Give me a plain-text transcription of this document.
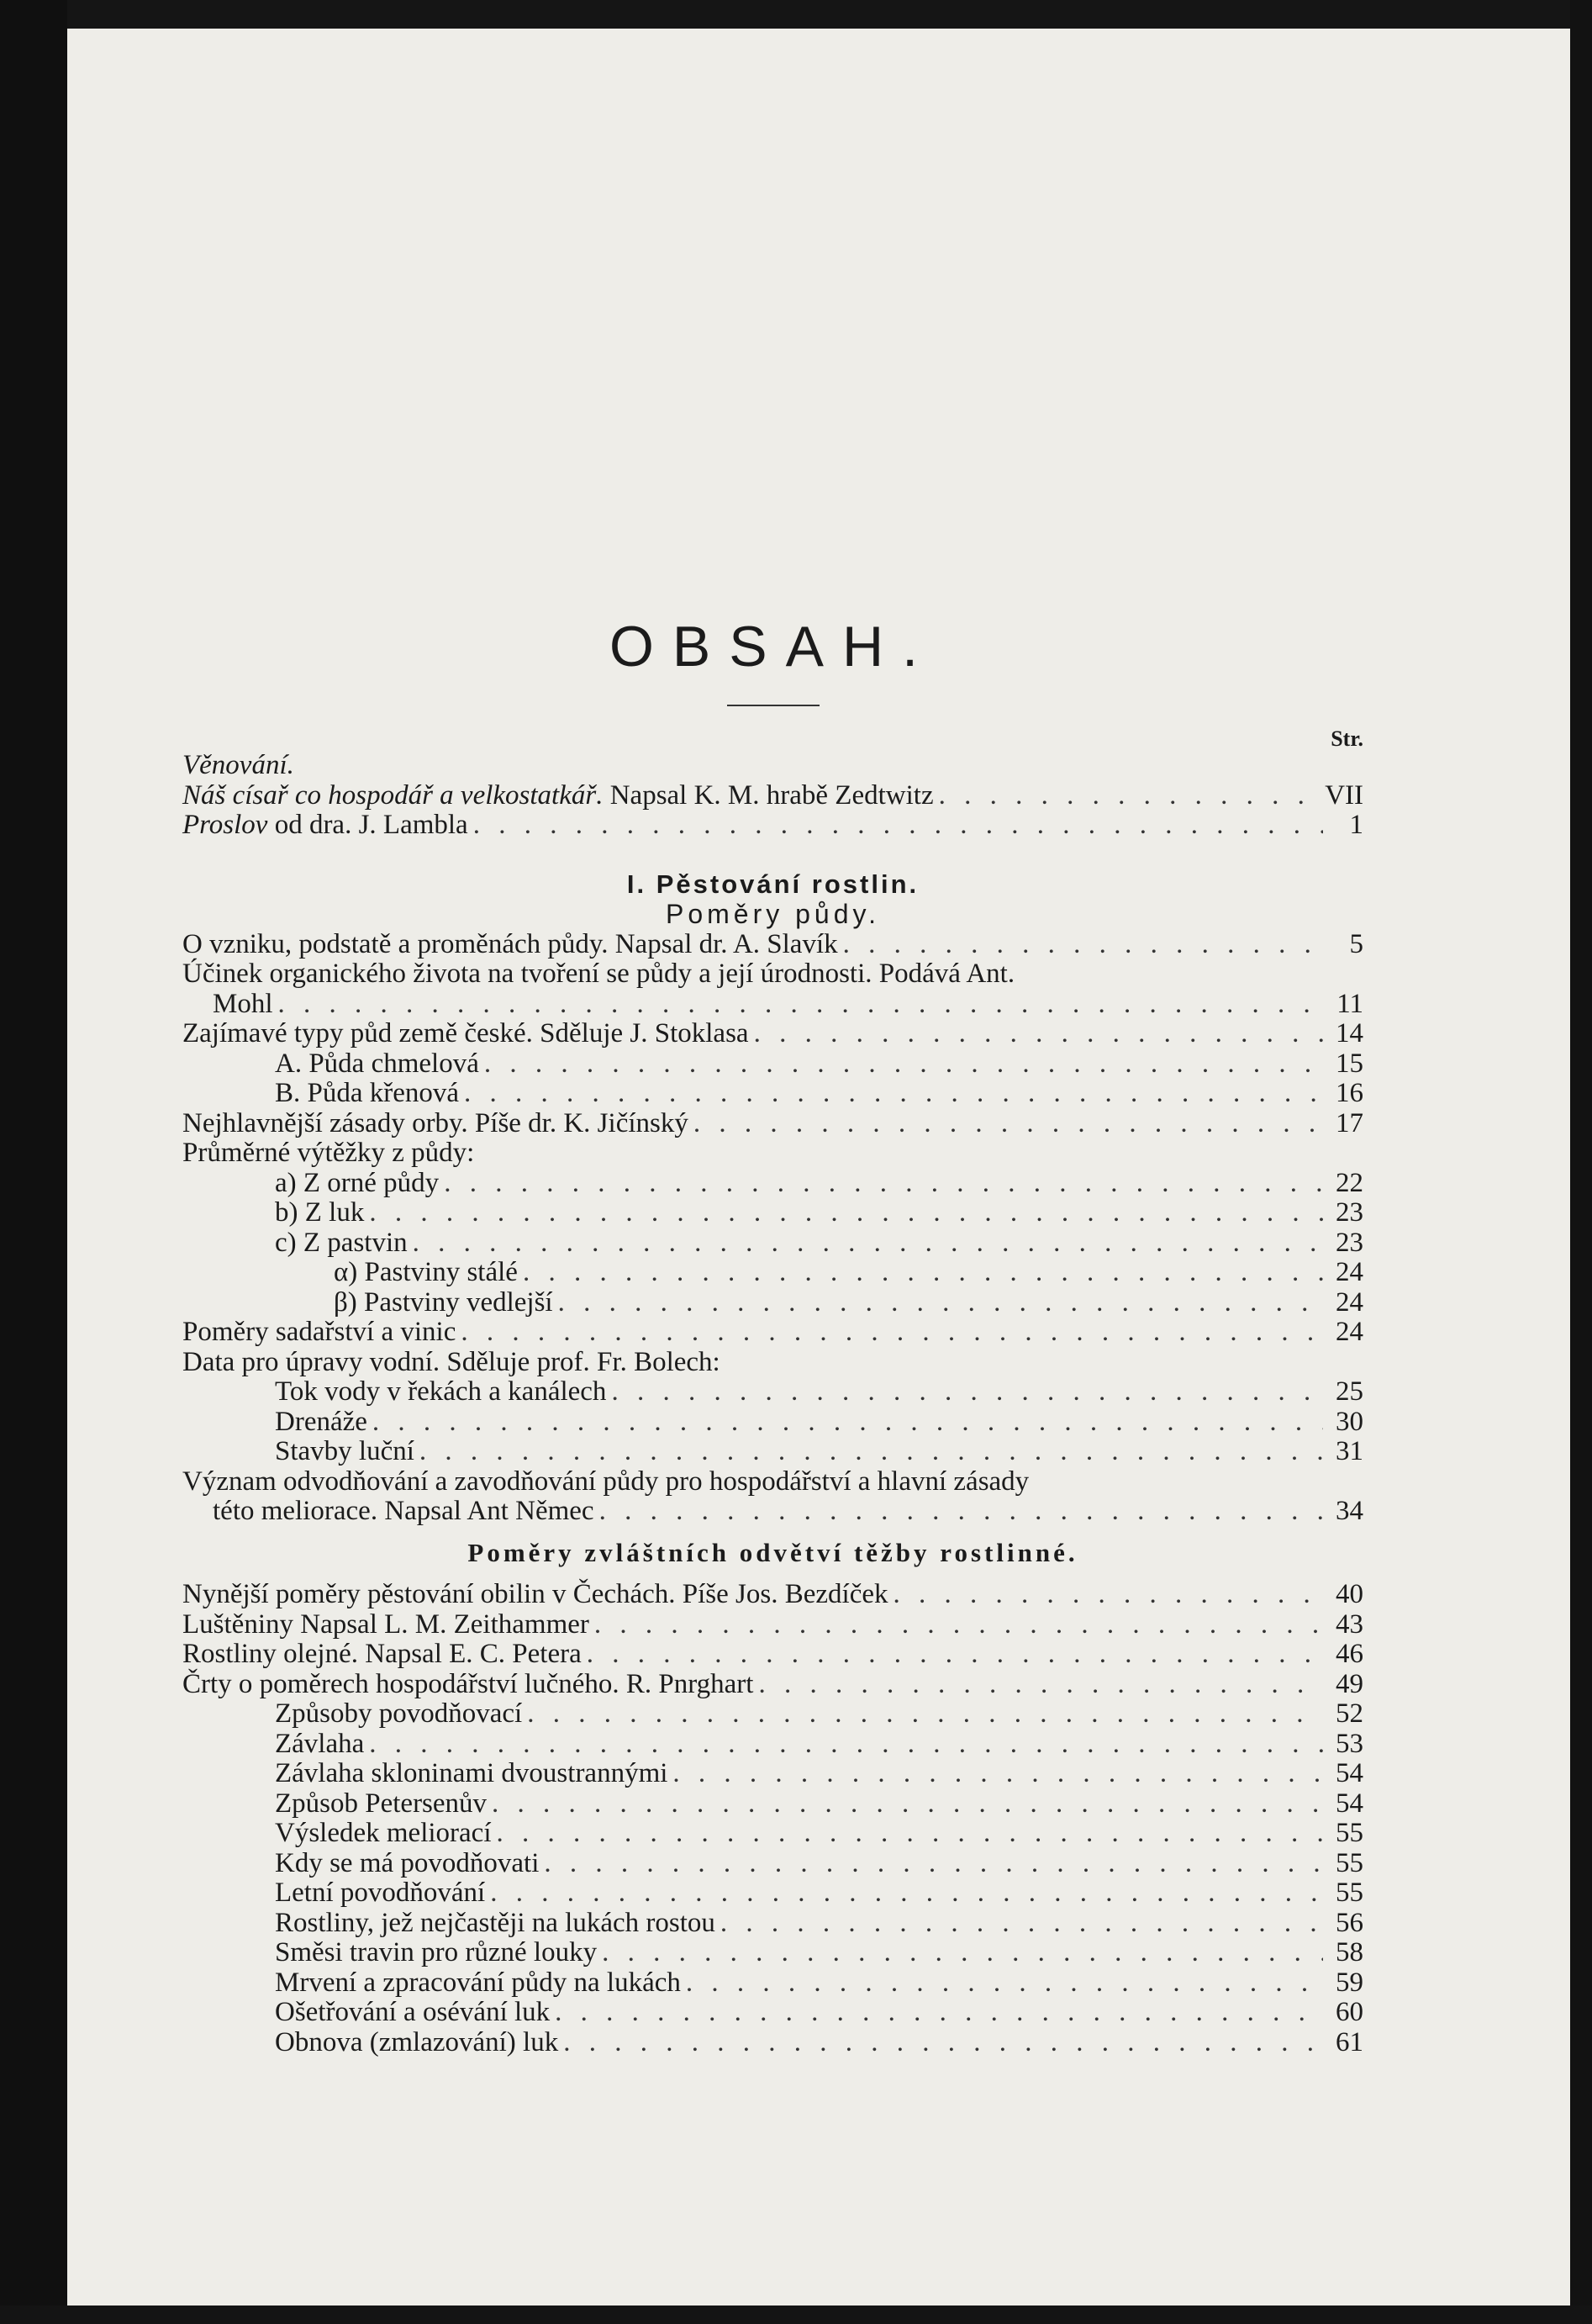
OBSAH.
Str.
Věnování.
Náš císař co hospodář a velkostatkář. Napsal K. M. hrabě Zedtwitz . . .	VII
Proslov od dra. J. Lambla . . .	1
I. Pěstování rostlin.
Poměry půdy.
O vzniku, podstatě a proměnách půdy. Napsal dr. A. Slavík . . .	5
Účinek organického života na tvoření se půdy a její úrodnosti. Podává Ant.
Mohl . . .	11
Zajímavé typy půd země české. Sděluje J. Stoklasa . . .	14
A. Půda chmelová . . .	15
B. Půda křenová . . .	16
Nejhlavnější zásady orby. Píše dr. K. Jičínský . . .	17
Průměrné výtěžky z půdy:
a) Z orné půdy . . .	22
b) Z luk . . .	23
c) Z pastvin . . .	23
α) Pastviny stálé . . .	24
β) Pastviny vedlejší . . .	24
Poměry sadařství a vinic . . .	24
Data pro úpravy vodní. Sděluje prof. Fr. Bolech:
Tok vody v řekách a kanálech . . .	25
Drenáže . . .	30
Stavby luční . . .	31
Význam odvodňování a zavodňování půdy pro hospodářství a hlavní zásady
této meliorace. Napsal Ant Němec . . .	34
Poměry zvláštních odvětví těžby rostlinné.
Nynější poměry pěstování obilin v Čechách. Píše Jos. Bezdíček . . .	40
Luštěniny Napsal L. M. Zeithammer . . .	43
Rostliny olejné. Napsal E. C. Petera . . .	46
Črty o poměrech hospodářství lučného. R. Pnrghart . . .	49
Způsoby povodňovací . . .	52
Závlaha . . .	53
Závlaha skloninami dvoustrannými . . .	54
Způsob Petersenův . . .	54
Výsledek meliorací . . .	55
Kdy se má povodňovati . . .	55
Letní povodňování . . .	55
Rostliny, jež nejčastěji na lukách rostou . . .	56
Směsi travin pro různé louky . . .	58
Mrvení a zpracování půdy na lukách . . .	59
Ošetřování a osévání luk . . .	60
Obnova (zmlazování) luk . . .	61
